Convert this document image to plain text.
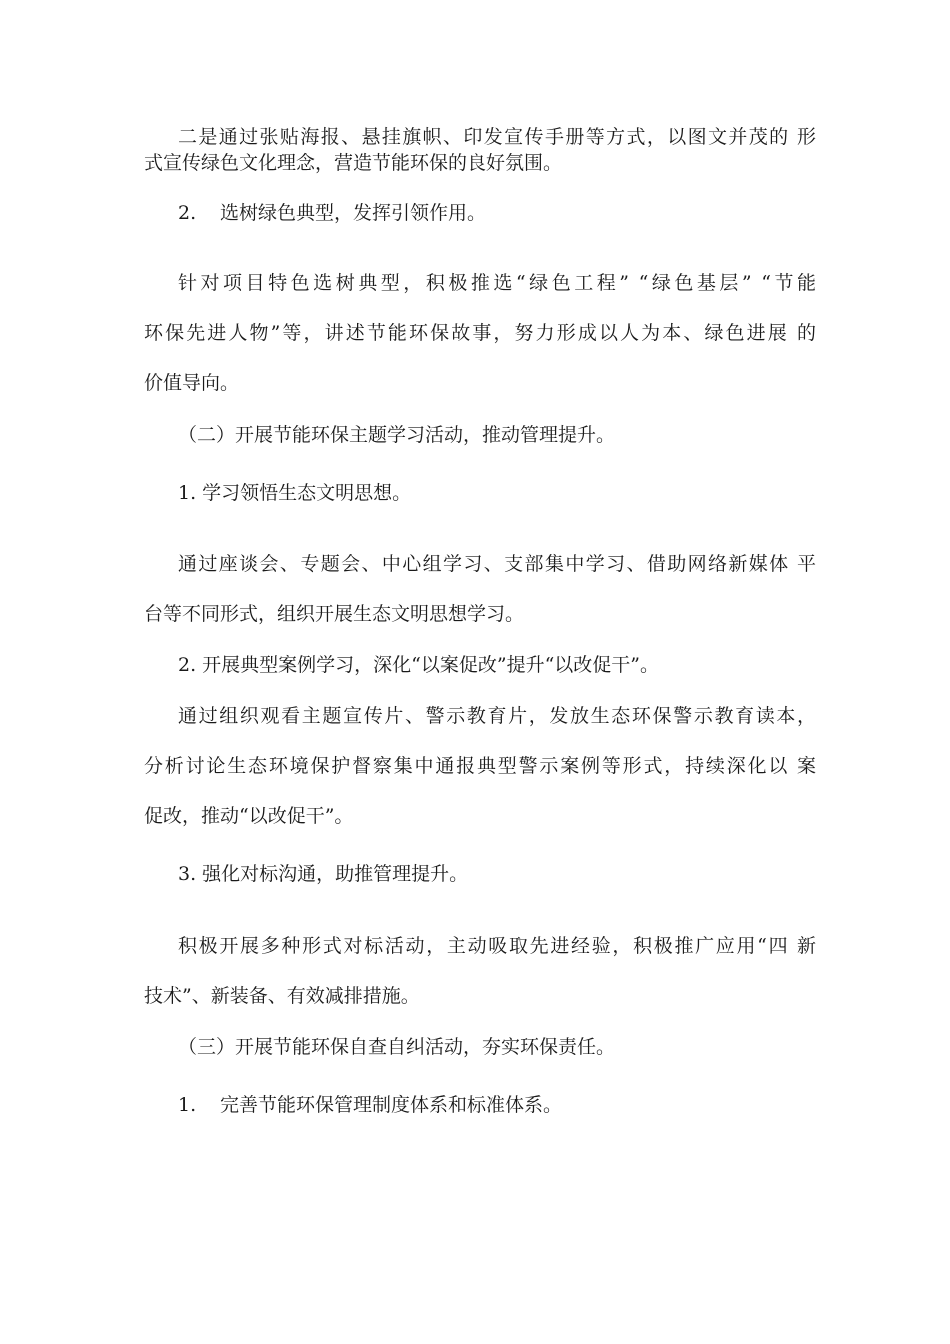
二是通过张贴海报、悬挂旗帜、印发宣传手册等方式，以图文并茂的 形
式宣传绿色文化理念，营造节能环保的良好氛围。
2. 选树绿色典型，发挥引领作用。
针对项目特色选树典型，积极推选“绿色工程” “绿色基层” “节能
环保先进人物”等，讲述节能环保故事，努力形成以人为本、绿色进展 的
价值导向。
（二）开展节能环保主题学习活动，推动管理提升。
1. 学习领悟生态文明思想。
通过座谈会、专题会、中心组学习、支部集中学习、借助网络新媒体 平
台等不同形式，组织开展生态文明思想学习。
2. 开展典型案例学习，深化“以案促改”提升“以改促干”。
通过组织观看主题宣传片、警示教育片，发放生态环保警示教育读本，
分析讨论生态环境保护督察集中通报典型警示案例等形式，持续深化以 案
促改，推动“以改促干”。
3. 强化对标沟通，助推管理提升。
积极开展多种形式对标活动，主动吸取先进经验，积极推广应用“四 新
技术”、新装备、有效减排措施。
（三）开展节能环保自查自纠活动，夯实环保责任。
1. 完善节能环保管理制度体系和标准体系。
